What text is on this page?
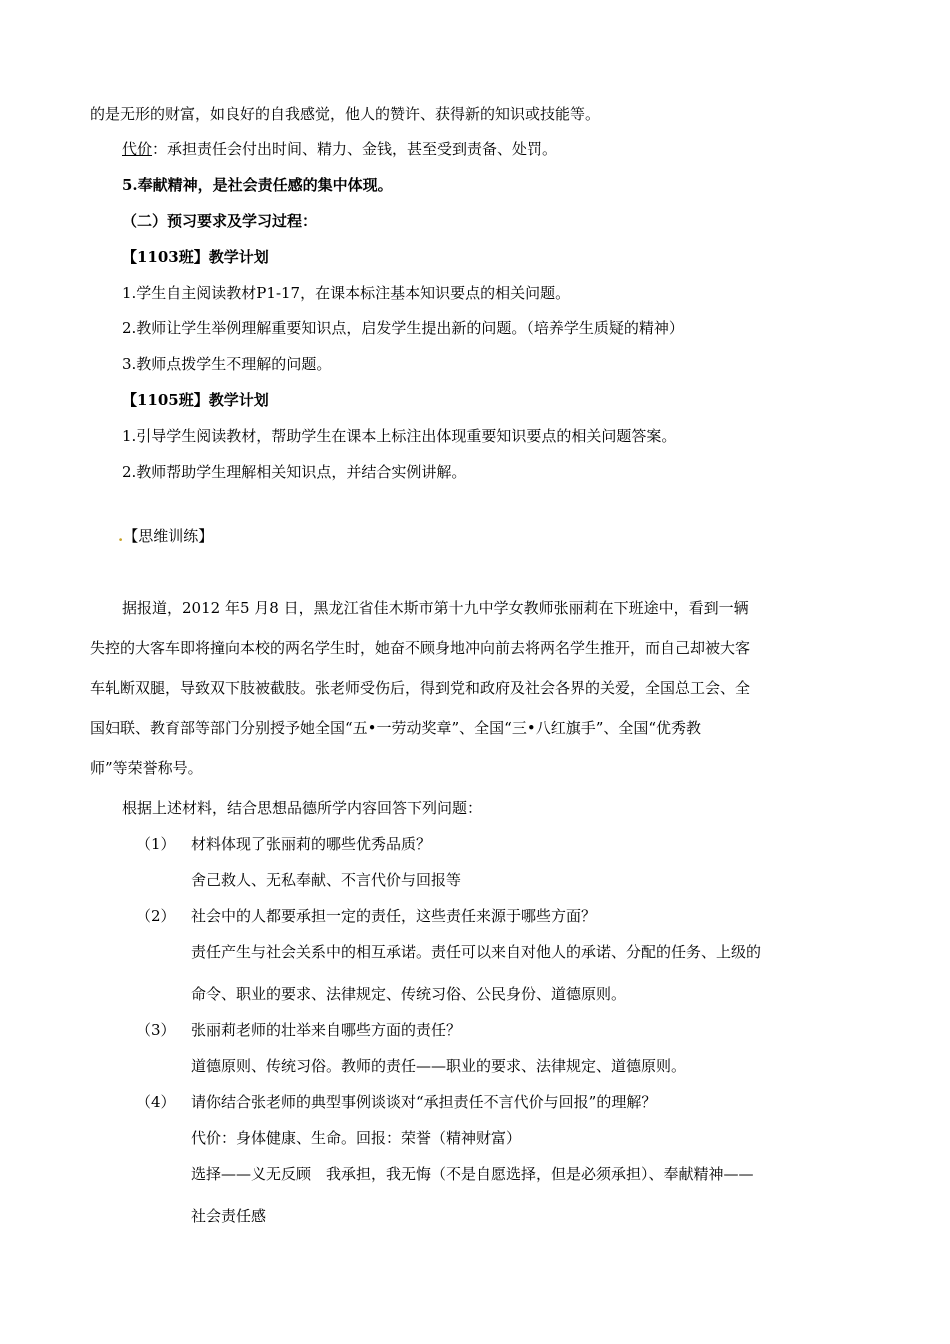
的是无形的财富，如良好的自我感觉，他人的赞许、获得新的知识或技能等。
代价：承担责任会付出时间、精力、金钱，甚至受到责备、处罚。
5.奉献精神，是社会责任感的集中体现。
（二）预习要求及学习过程：
【1103班】教学计划
1.学生自主阅读教材P1-17，在课本标注基本知识要点的相关问题。
2.教师让学生举例理解重要知识点，启发学生提出新的问题。（培养学生质疑的精神）
3.教师点拨学生不理解的问题。
【1105班】教学计划
1.引导学生阅读教材，帮助学生在课本上标注出体现重要知识要点的相关问题答案。
2.教师帮助学生理解相关知识点，并结合实例讲解。
.【思维训练】
据报道，2012 年5 月8 日，黑龙江省佳木斯市第十九中学女教师张丽莉在下班途中，看到一辆
失控的大客车即将撞向本校的两名学生时，她奋不顾身地冲向前去将两名学生推开，而自己却被大客
车轧断双腿，导致双下肢被截肢。张老师受伤后，得到党和政府及社会各界的关爱，全国总工会、全
国妇联、教育部等部门分别授予她全国“五•一劳动奖章”、全国“三•八红旗手”、全国“优秀教
师”等荣誉称号。
根据上述材料，结合思想品德所学内容回答下列问题：
（1） 材料体现了张丽莉的哪些优秀品质？
舍己救人、无私奉献、不言代价与回报等
（2） 社会中的人都要承担一定的责任，这些责任来源于哪些方面？
责任产生与社会关系中的相互承诺。责任可以来自对他人的承诺、分配的任务、上级的
命令、职业的要求、法律规定、传统习俗、公民身份、道德原则。
（3） 张丽莉老师的壮举来自哪些方面的责任？
道德原则、传统习俗。教师的责任——职业的要求、法律规定、道德原则。
（4） 请你结合张老师的典型事例谈谈对“承担责任不言代价与回报”的理解？
代价：身体健康、生命。回报：荣誉（精神财富）
选择——义无反顾　我承担，我无悔（不是自愿选择，但是必须承担）、奉献精神——
社会责任感
